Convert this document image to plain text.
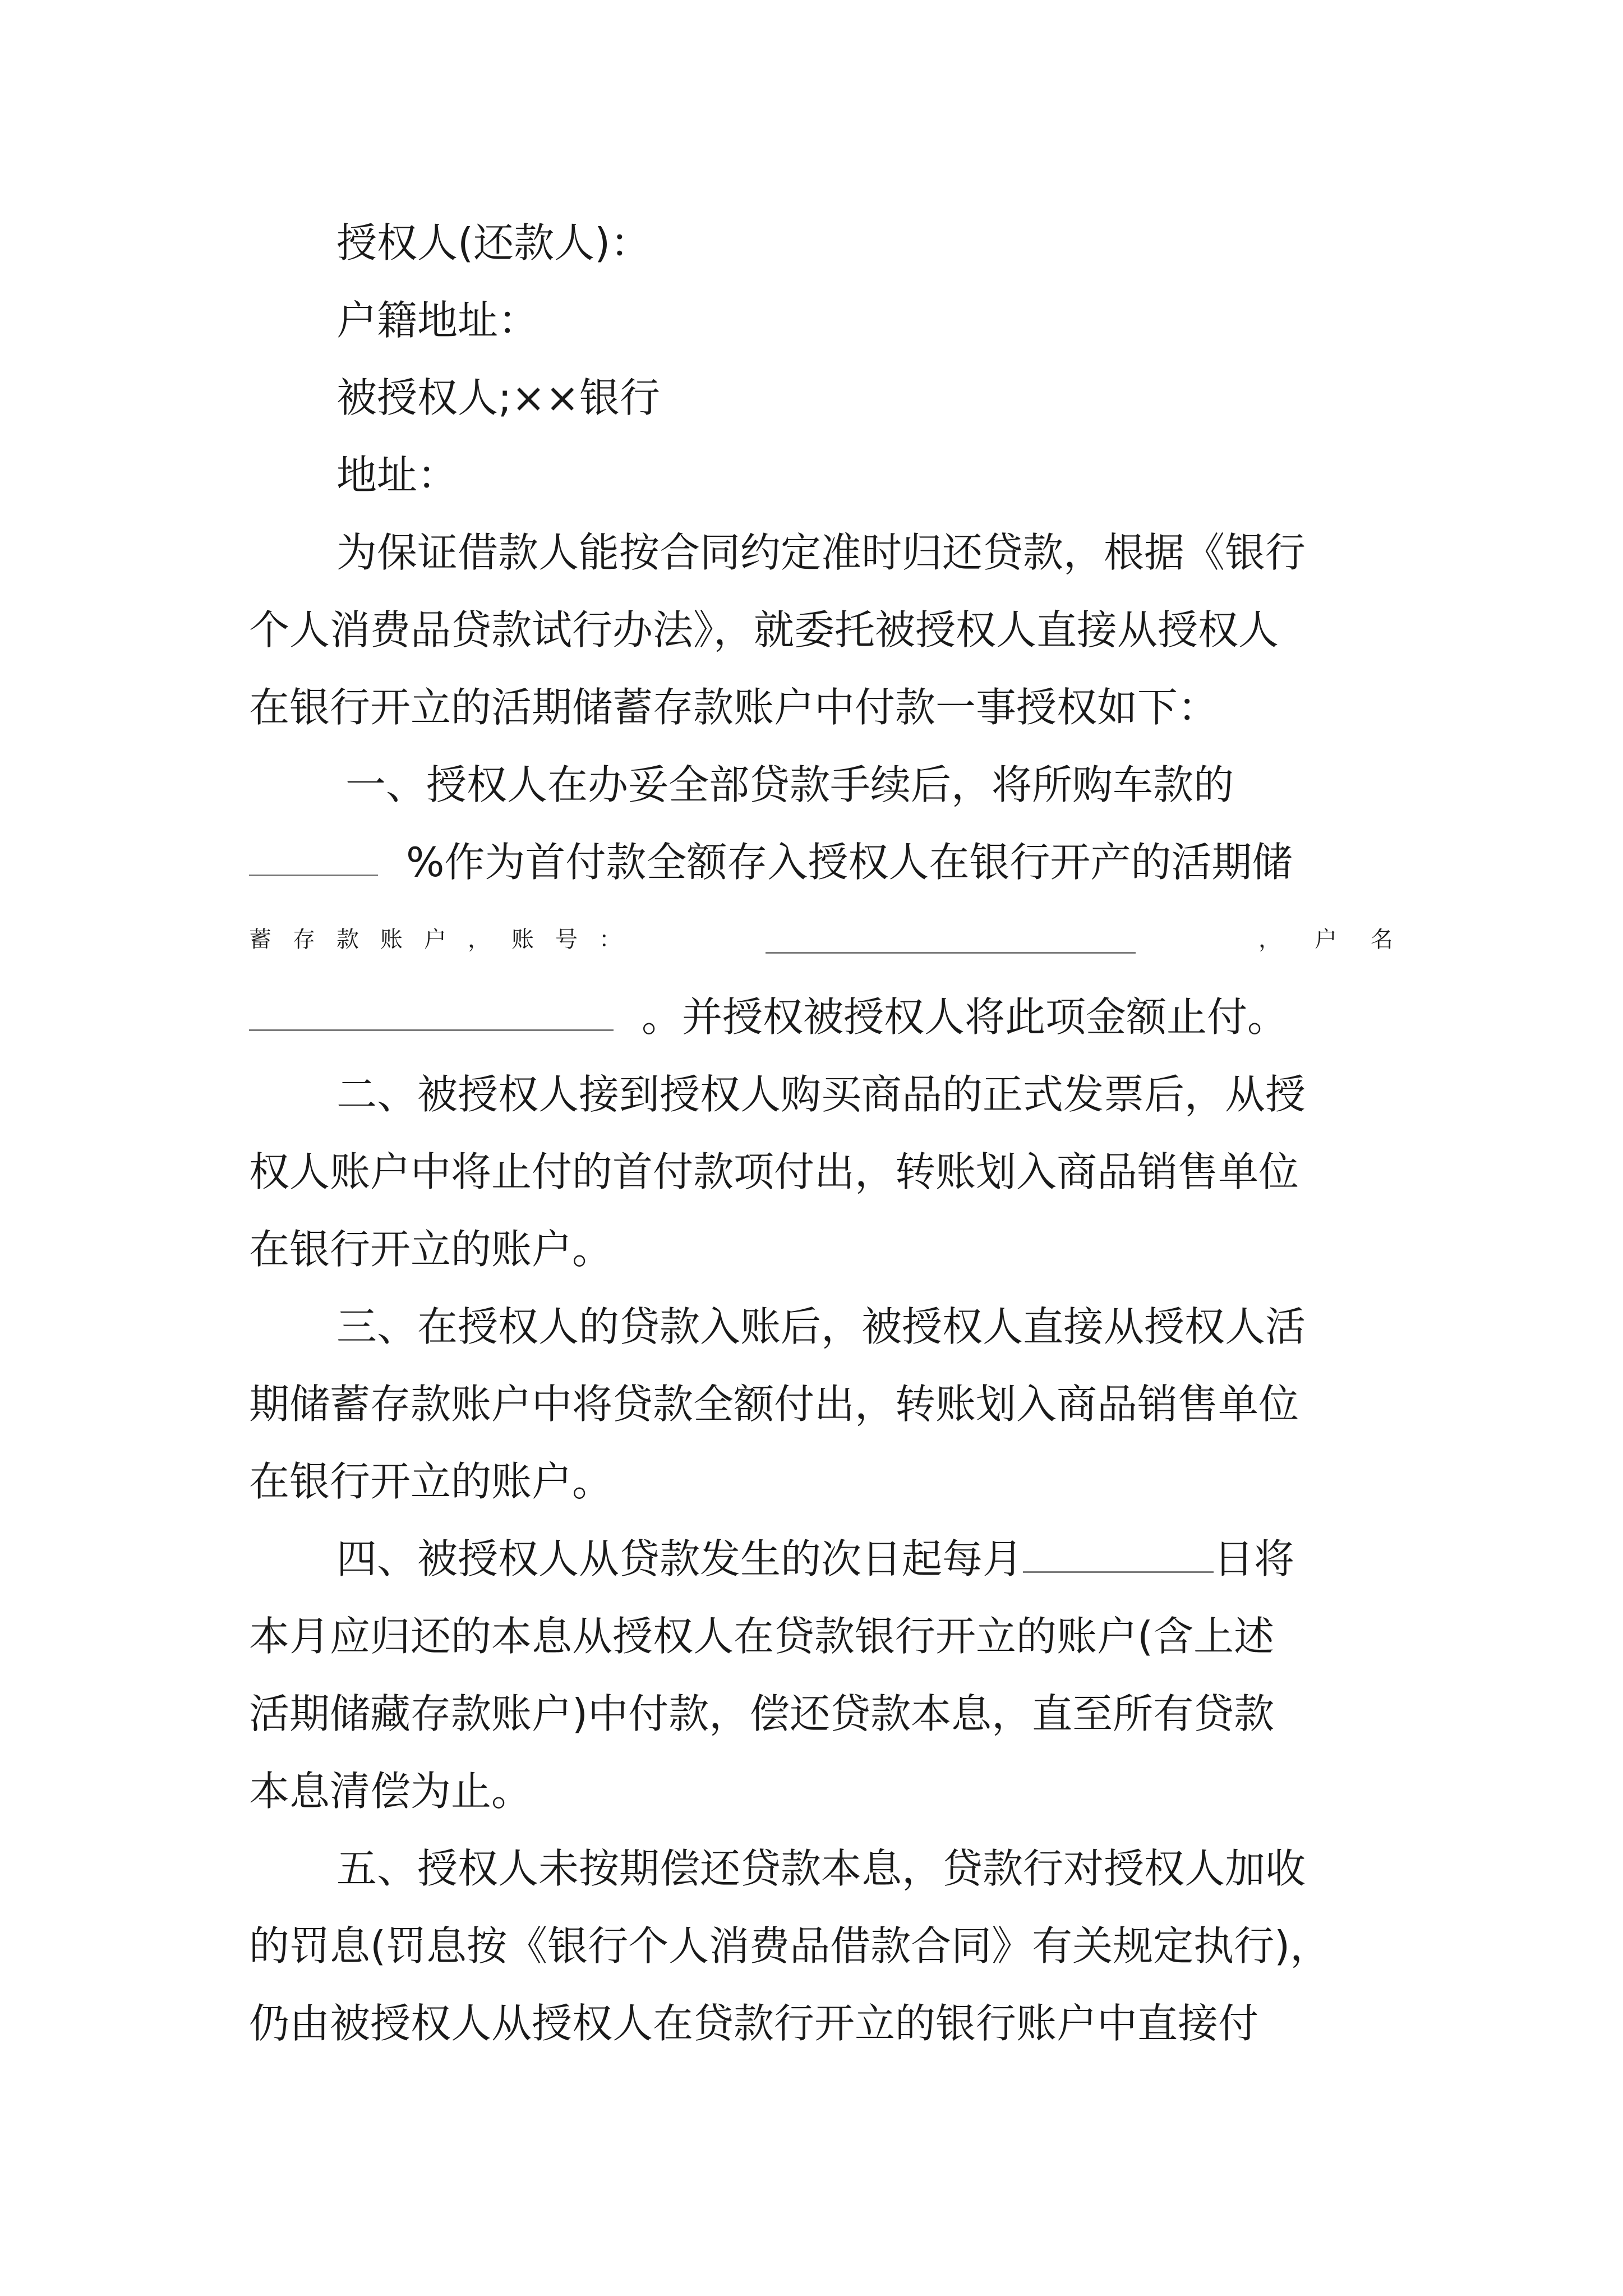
授权人(还款人)：
户籍地址：
被授权人;××银行
地址：
为保证借款人能按合同约定准时归还贷款，根据《银行
个人消费品贷款试行办法》，就委托被授权人直接从授权人
在银行开立的活期储蓄存款账户中付款一事授权如下：
一、授权人在办妥全部贷款手续后，将所购车款的
%作为首付款全额存入授权人在银行开产的活期储
蓄存款账户，账号：	，户名
。并授权被授权人将此项金额止付。
二、被授权人接到授权人购买商品的正式发票后，从授
权人账户中将止付的首付款项付出，转账划入商品销售单位
在银行开立的账户。
三、在授权人的贷款入账后，被授权人直接从授权人活
期储蓄存款账户中将贷款全额付出，转账划入商品销售单位
在银行开立的账户。
四、被授权人从贷款发生的次日起每月	日将
本月应归还的本息从授权人在贷款银行开立的账户(含上述
活期储藏存款账户)中付款，偿还贷款本息，直至所有贷款
本息清偿为止。
五、授权人未按期偿还贷款本息，贷款行对授权人加收
的罚息(罚息按《银行个人消费品借款合同》有关规定执行)，
仍由被授权人从授权人在贷款行开立的银行账户中直接付
